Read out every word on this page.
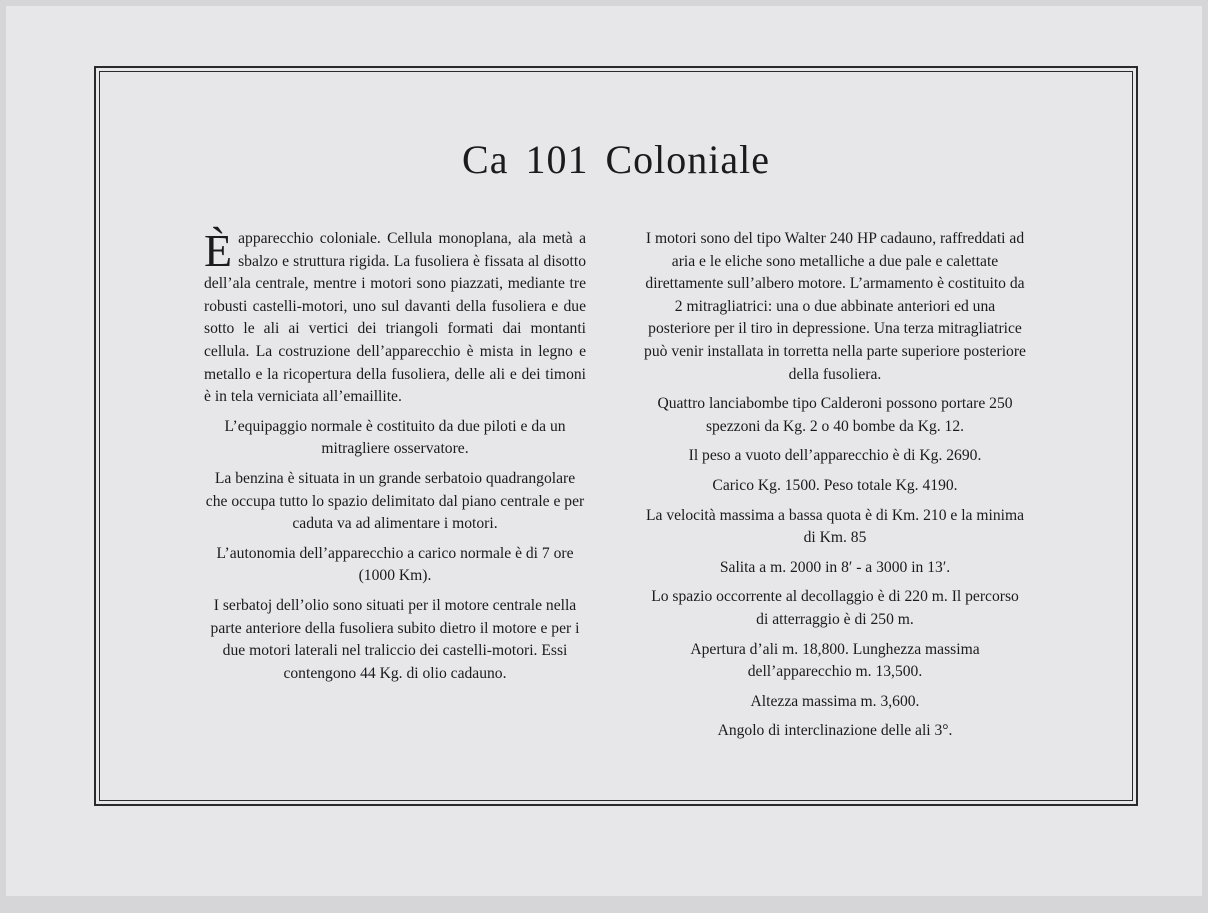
Ca 101 Coloniale

È apparecchio coloniale. Cellula monoplana, ala metà a sbalzo e struttura rigida. La fusoliera è fissata al disotto dell’ala centrale, mentre i motori sono piazzati, mediante tre robusti castelli-motori, uno sul davanti della fusoliera e due sotto le ali ai vertici dei triangoli formati dai montanti cellula. La costruzione dell’apparecchio è mista in legno e metallo e la ricopertura della fusoliera, delle ali e dei timoni è in tela verniciata all’emaillite.

L’equipaggio normale è costituito da due piloti e da un mitragliere osservatore.

La benzina è situata in un grande serbatoio quadrangolare che occupa tutto lo spazio delimitato dal piano centrale e per caduta va ad alimentare i motori.

L’autonomia dell’apparecchio a carico normale è di 7 ore (1000 Km).

I serbatoj dell’olio sono situati per il motore centrale nella parte anteriore della fusoliera subito dietro il motore e per i due motori laterali nel traliccio dei castelli-motori. Essi contengono 44 Kg. di olio cadauno.

I motori sono del tipo Walter 240 HP cadauno, raffreddati ad aria e le eliche sono metalliche a due pale e calettate direttamente sull’albero motore. L’armamento è costituito da 2 mitragliatrici: una o due abbinate anteriori ed una posteriore per il tiro in depressione. Una terza mitragliatrice può venir installata in torretta nella parte superiore posteriore della fusoliera.

Quattro lanciabombe tipo Calderoni possono portare 250 spezzoni da Kg. 2 o 40 bombe da Kg. 12.

Il peso a vuoto dell’apparecchio è di Kg. 2690.

Carico Kg. 1500. Peso totale Kg. 4190.

La velocità massima a bassa quota è di Km. 210 e la minima di Km. 85

Salita a m. 2000 in 8′ - a 3000 in 13′.

Lo spazio occorrente al decollaggio è di 220 m. Il percorso di atterraggio è di 250 m.

Apertura d’ali m. 18,800. Lunghezza massima dell’apparecchio m. 13,500.

Altezza massima m. 3,600.

Angolo di interclinazione delle ali 3°.
